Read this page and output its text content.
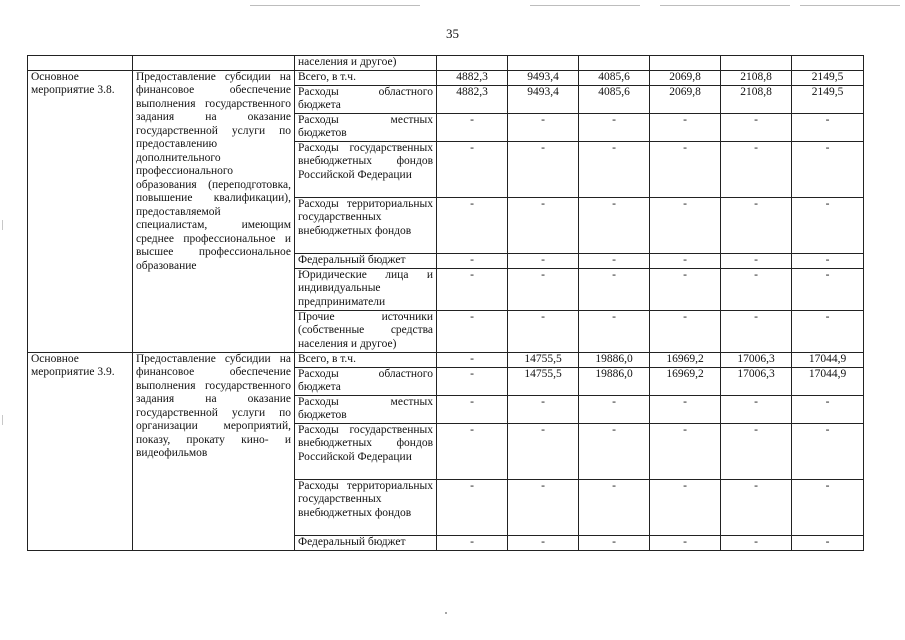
35
		населения и другое)						

Основное
мероприятие 3.8.	Предоставление субсидии на финансовое обеспечение выполнения государственного задания на оказание государственной услуги по предоставлению дополнительного профессионального образования (переподготовка, повышение квалификации), предоставляемой специалистам, имеющим среднее профессиональное и высшее профессиональное образование	Всего, в т.ч.	4882,3	9493,4	4085,6	2069,8	2108,8	2149,5
		Расходы областного бюджета	4882,3	9493,4	4085,6	2069,8	2108,8	2149,5
		Расходы местных бюджетов	-	-	-	-	-	-
		Расходы государственных внебюджетных фондов Российской Федерации	-	-	-	-	-	-
		Расходы территориальных государственных внебюджетных фондов	-	-	-	-	-	-
		Федеральный бюджет	-	-	-	-	-	-
		Юридические лица и индивидуальные предприниматели	-	-	-	-	-	-
		Прочие источники (собственные средства населения и другое)	-	-	-	-	-	-

Основное
мероприятие 3.9.	Предоставление субсидии на финансовое обеспечение выполнения государственного задания на оказание государственной услуги по организации мероприятий, показу, прокату кино- и видеофильмов	Всего, в т.ч.	-	14755,5	19886,0	16969,2	17006,3	17044,9
		Расходы областного бюджета	-	14755,5	19886,0	16969,2	17006,3	17044,9
		Расходы местных бюджетов	-	-	-	-	-	-
		Расходы государственных внебюджетных фондов Российской Федерации	-	-	-	-	-	-
		Расходы территориальных государственных внебюджетных фондов	-	-	-	-	-	-
		Федеральный бюджет	-	-	-	-	-	-
